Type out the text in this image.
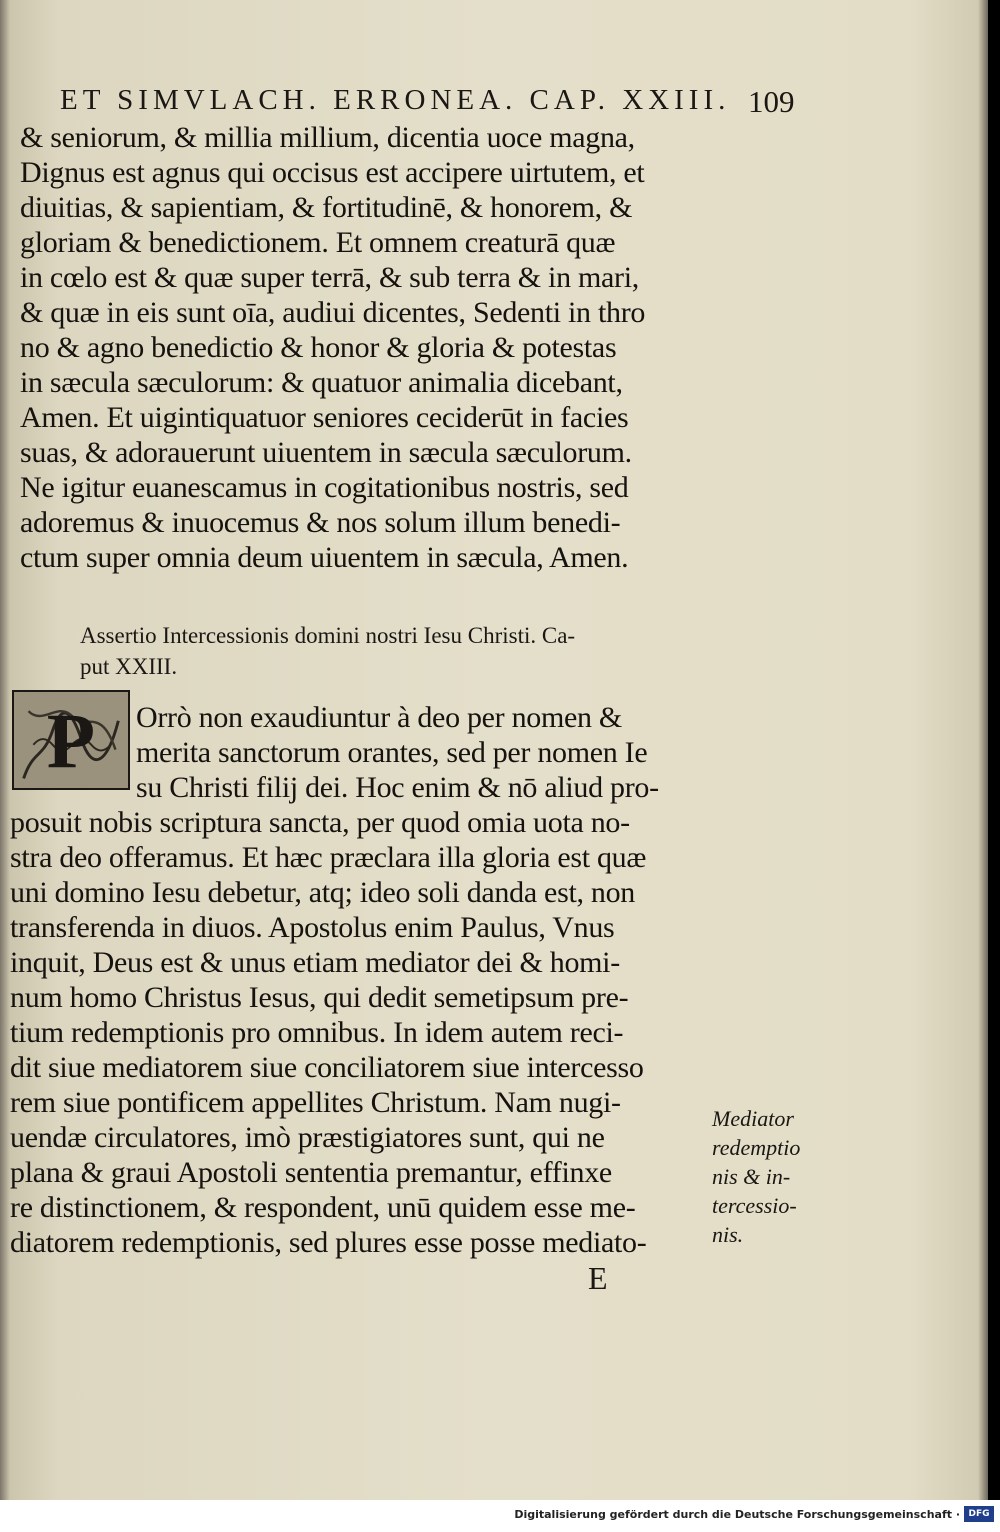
ET SIMVLACH. ERRONEA. CAP. XXIII. 109
& seniorum, & millia millium, dicentia uoce magna,
Dignus est agnus qui occisus est accipere uirtutem, et
diuitias, & sapientiam, & fortitudinē, & honorem, &
gloriam & benedictionem. Et omnem creaturā quæ
in cœlo est & quæ super terrā, & sub terra & in mari,
& quæ in eis sunt oīa, audiui dicentes, Sedenti in thro
no & agno benedictio & honor & gloria & potestas
in sæcula sæculorum: & quatuor animalia dicebant,
Amen. Et uigintiquatuor seniores ceciderūt in facies
suas, & adorauerunt uiuentem in sæcula sæculorum.
Ne igitur euanescamus in cogitationibus nostris, sed
adoremus & inuocemus & nos solum illum benedi-
ctum super omnia deum uiuentem in sæcula, Amen.
Assertio Intercessionis domini nostri Iesu Christi. Ca-
put XXIII.
P	Orrò non exaudiuntur à deo per nomen &
merita sanctorum orantes, sed per nomen Ie
su Christi filij dei. Hoc enim & nō aliud pro-
posuit nobis scriptura sancta, per quod omia uota no-
stra deo offeramus. Et hæc præclara illa gloria est quæ
uni domino Iesu debetur, atq; ideo soli danda est, non
transferenda in diuos. Apostolus enim Paulus, Vnus
inquit, Deus est & unus etiam mediator dei & homi-
num homo Christus Iesus, qui dedit semetipsum pre-
tium redemptionis pro omnibus. In idem autem reci-
dit siue mediatorem siue conciliatorem siue intercesso
rem siue pontificem appellites Christum. Nam nugi-
uendæ circulatores, imò præstigiatores sunt, qui ne
plana & graui Apostoli sententia premantur, effinxe
re distinctionem, & respondent, unū quidem esse me-
diatorem redemptionis, sed plures esse posse mediato-
Mediator
redemptio
nis & in-
tercessio-
nis.
E
Digitalisierung gefördert durch die Deutsche Forschungsgemeinschaft · DFG
